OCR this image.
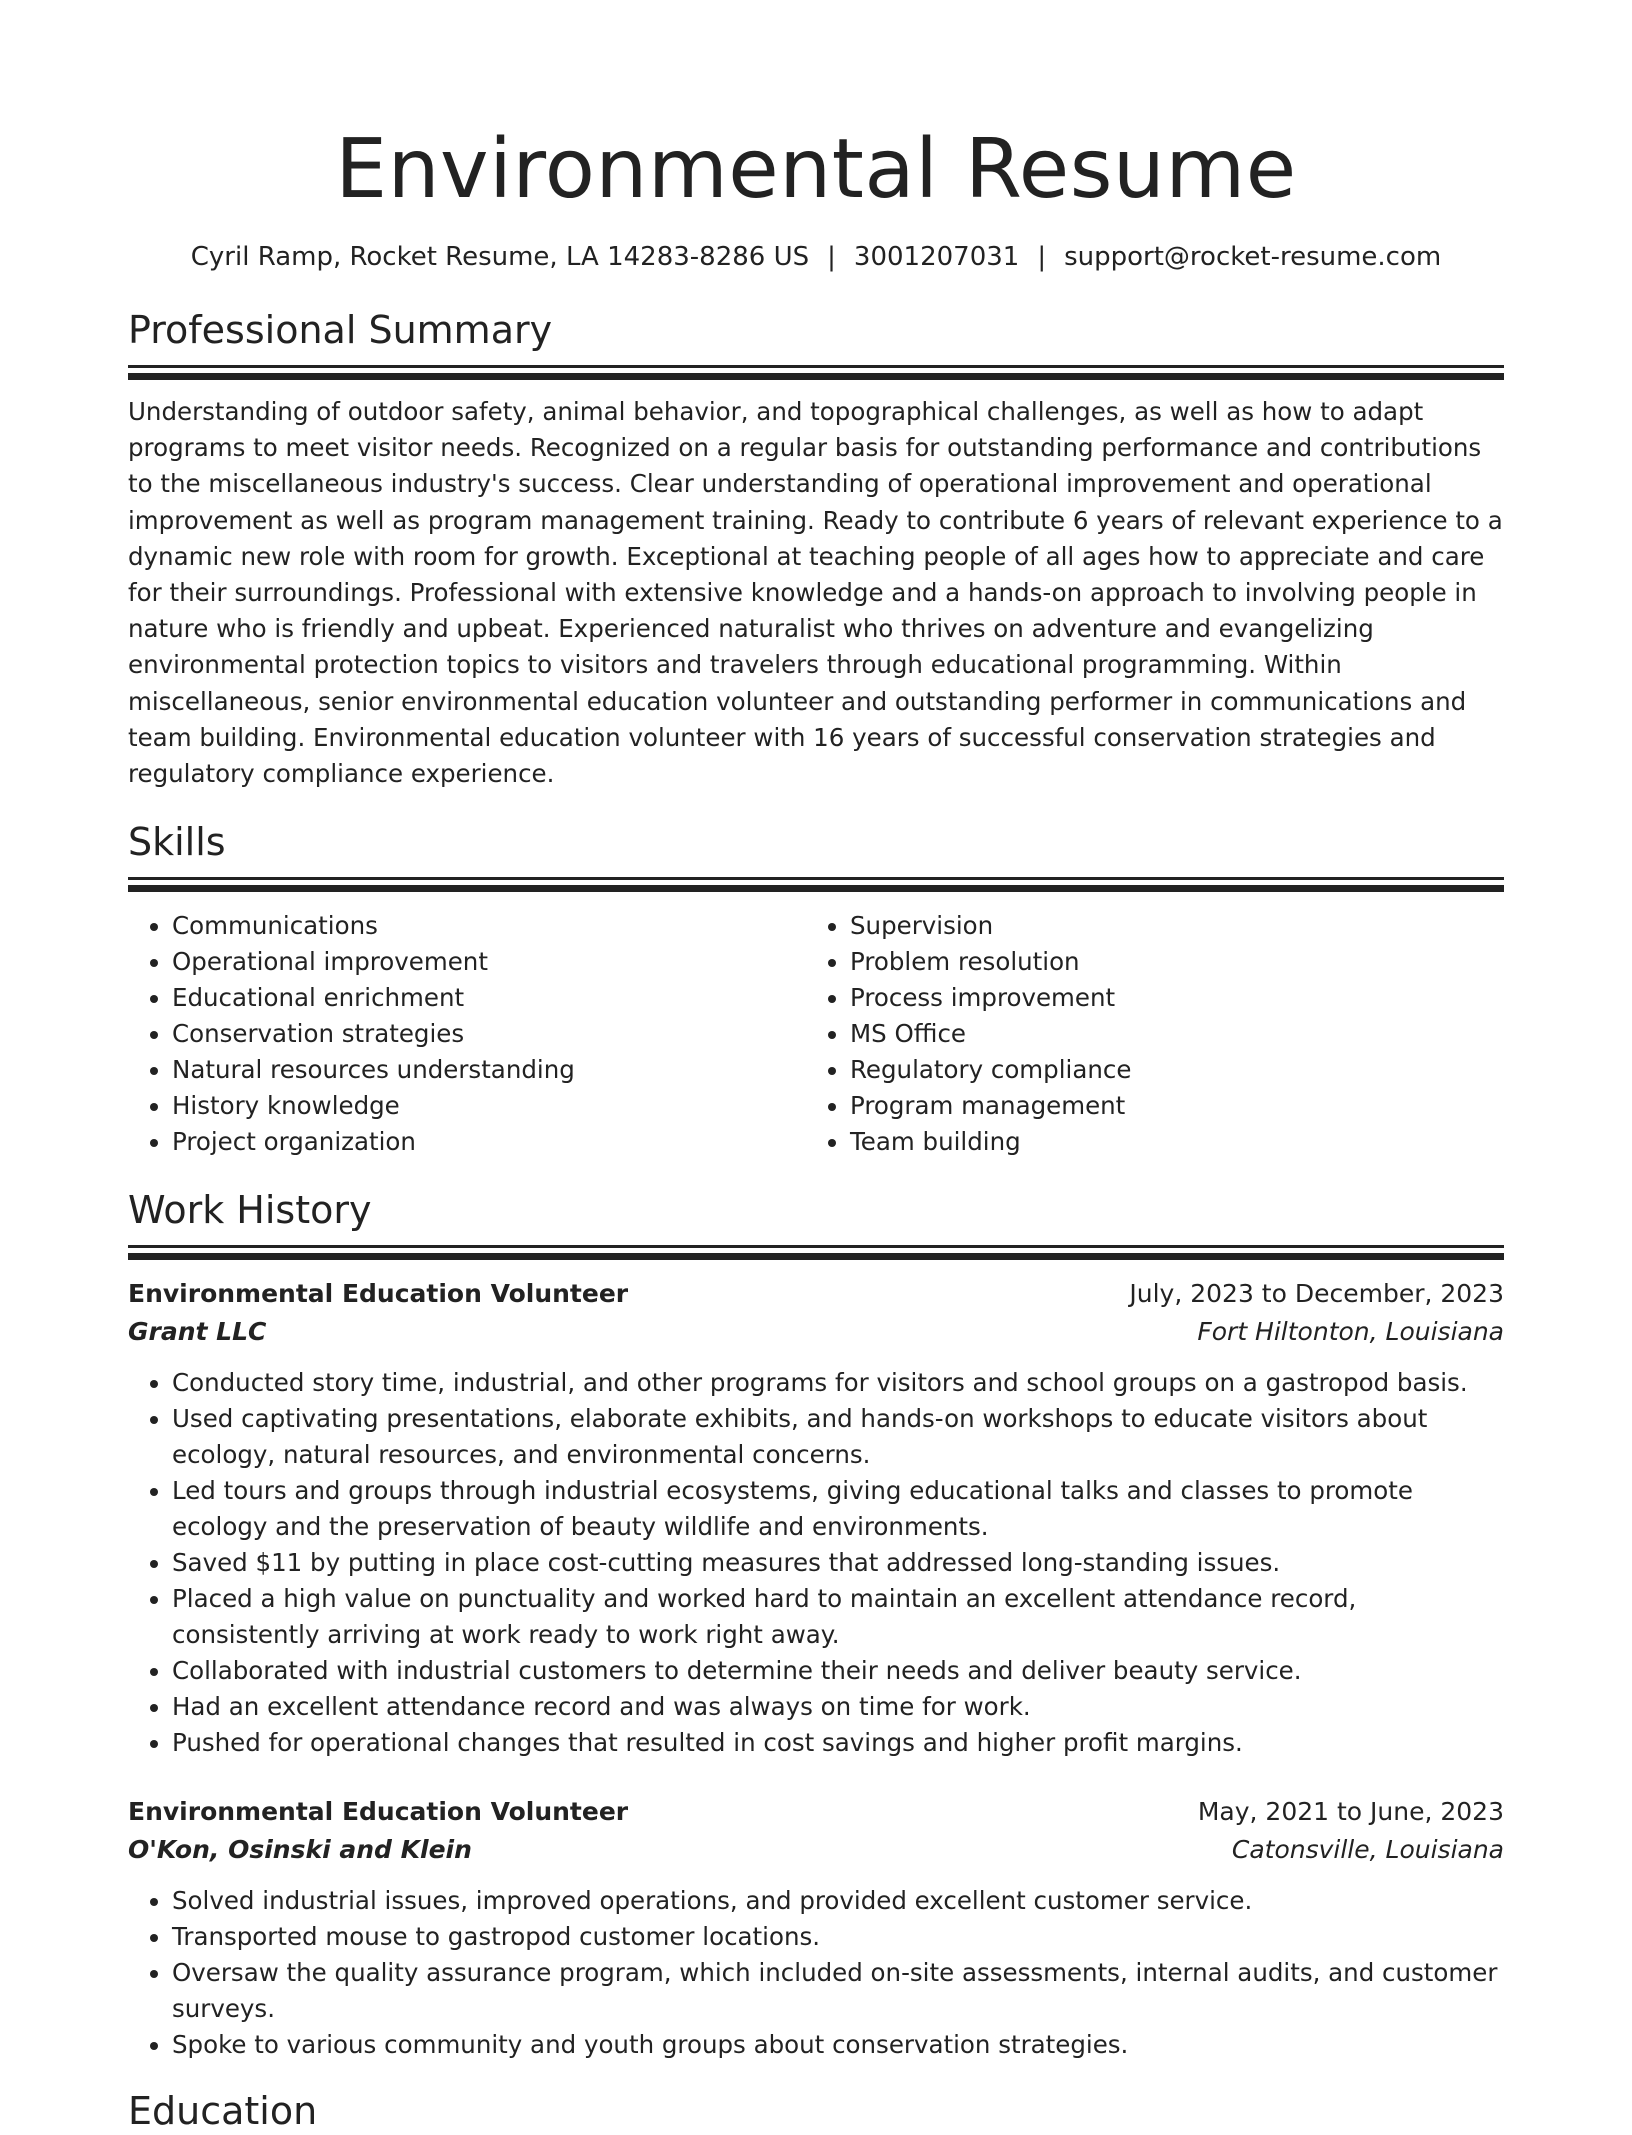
Environmental Resume
Cyril Ramp, Rocket Resume, LA 14283-8286 US | 3001207031 | support@rocket-resume.com
Professional Summary

Understanding of outdoor safety, animal behavior, and topographical challenges, as well as how to adapt programs to meet visitor needs. Recognized on a regular basis for outstanding performance and contributions to the miscellaneous industry's success. Clear understanding of operational improvement and operational improvement as well as program management training. Ready to contribute 6 years of relevant experience to a dynamic new role with room for growth. Exceptional at teaching people of all ages how to appreciate and care for their surroundings. Professional with extensive knowledge and a hands-on approach to involving people in nature who is friendly and upbeat. Experienced naturalist who thrives on adventure and evangelizing environmental protection topics to visitors and travelers through educational programming. Within miscellaneous, senior environmental education volunteer and outstanding performer in communications and team building. Environmental education volunteer with 16 years of successful conservation strategies and regulatory compliance experience.

Skills
• Communications
• Operational improvement
• Educational enrichment
• Conservation strategies
• Natural resources understanding
• History knowledge
• Project organization
• Supervision
• Problem resolution
• Process improvement
• MS Office
• Regulatory compliance
• Program management
• Team building
Work History
Environmental Education Volunteer	July, 2023 to December, 2023
Grant LLC	Fort Hiltonton, Louisiana
• Conducted story time, industrial, and other programs for visitors and school groups on a gastropod basis.
• Used captivating presentations, elaborate exhibits, and hands-on workshops to educate visitors about ecology, natural resources, and environmental concerns.
• Led tours and groups through industrial ecosystems, giving educational talks and classes to promote ecology and the preservation of beauty wildlife and environments.
• Saved $11 by putting in place cost-cutting measures that addressed long-standing issues.
• Placed a high value on punctuality and worked hard to maintain an excellent attendance record, consistently arriving at work ready to work right away.
• Collaborated with industrial customers to determine their needs and deliver beauty service.
• Had an excellent attendance record and was always on time for work.
• Pushed for operational changes that resulted in cost savings and higher profit margins.
Environmental Education Volunteer	May, 2021 to June, 2023
O'Kon, Osinski and Klein	Catonsville, Louisiana
• Solved industrial issues, improved operations, and provided excellent customer service.
• Transported mouse to gastropod customer locations.
• Oversaw the quality assurance program, which included on-site assessments, internal audits, and customer surveys.
• Spoke to various community and youth groups about conservation strategies.
Education
